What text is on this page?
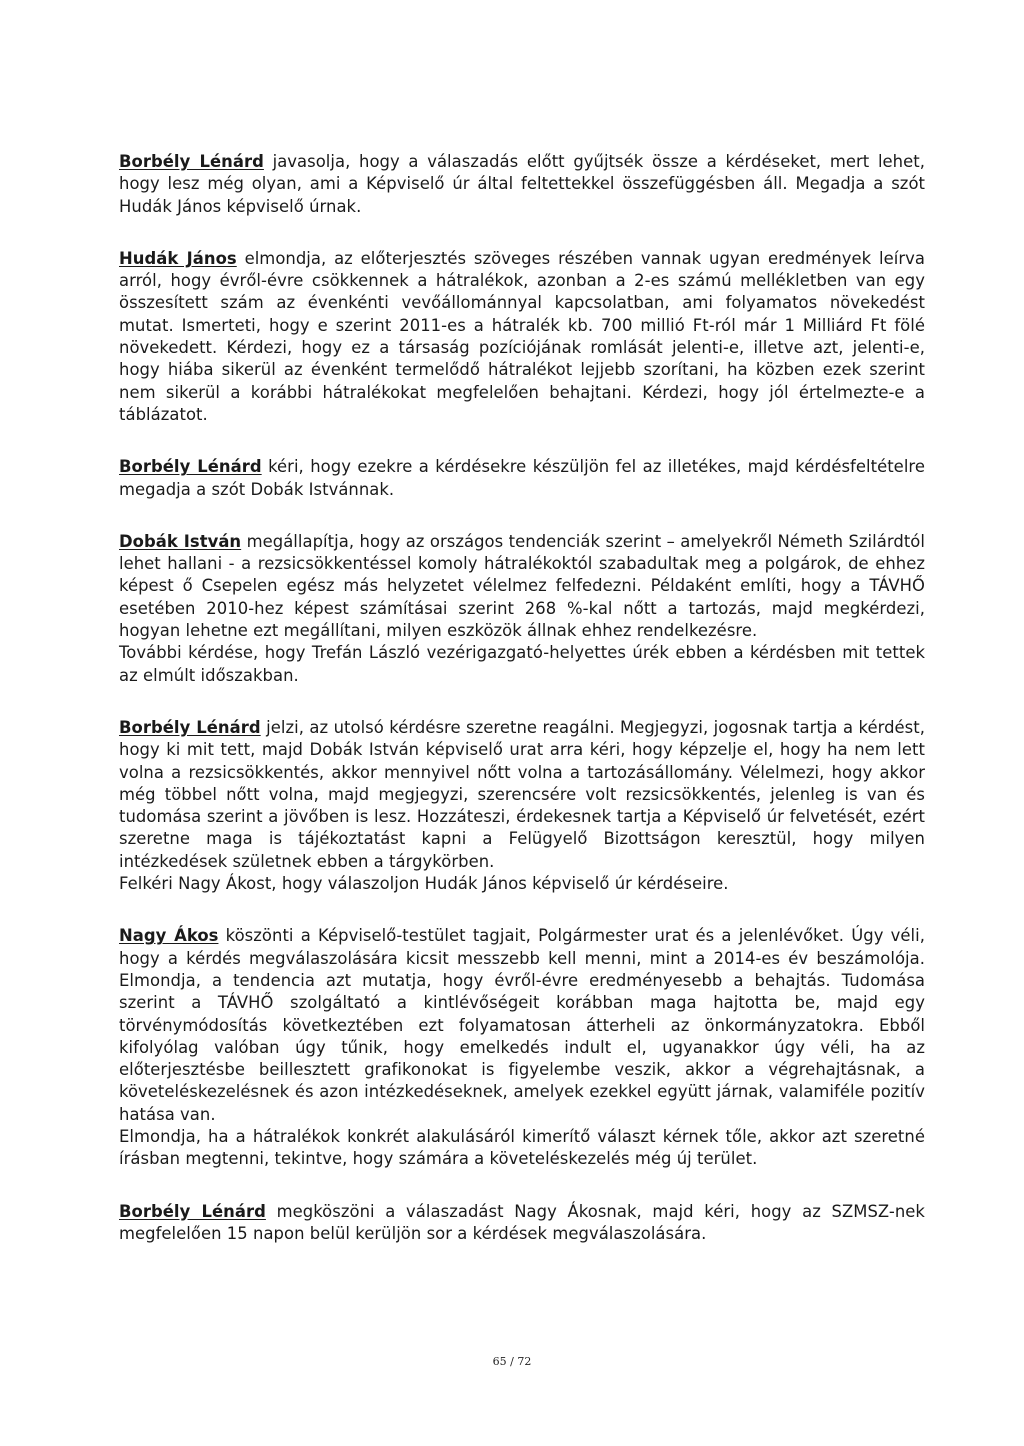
Borbély Lénárd javasolja, hogy a válaszadás előtt gyűjtsék össze a kérdéseket, mert lehet, hogy lesz még olyan, ami a Képviselő úr által feltettekkel összefüggésben áll. Megadja a szót Hudák János képviselő úrnak.

Hudák János elmondja, az előterjesztés szöveges részében vannak ugyan eredmények leírva arról, hogy évről-évre csökkennek a hátralékok, azonban a 2-es számú mellékletben van egy összesített szám az évenkénti vevőállománnyal kapcsolatban, ami folyamatos növekedést mutat. Ismerteti, hogy e szerint 2011-es a hátralék kb. 700 millió Ft-ról már 1 Milliárd Ft fölé növekedett. Kérdezi, hogy ez a társaság pozíciójának romlását jelenti-e, illetve azt, jelenti-e, hogy hiába sikerül az évenként termelődő hátralékot lejjebb szorítani, ha közben ezek szerint nem sikerül a korábbi hátralékokat megfelelően behajtani. Kérdezi, hogy jól értelmezte-e a táblázatot.

Borbély Lénárd kéri, hogy ezekre a kérdésekre készüljön fel az illetékes, majd kérdésfeltételre megadja a szót Dobák Istvánnak.

Dobák István megállapítja, hogy az országos tendenciák szerint – amelyekről Németh Szilárdtól lehet hallani - a rezsicsökkentéssel komoly hátralékoktól szabadultak meg a polgárok, de ehhez képest ő Csepelen egész más helyzetet vélelmez felfedezni. Példaként említi, hogy a TÁVHŐ esetében 2010-hez képest számításai szerint 268 %-kal nőtt a tartozás, majd megkérdezi, hogyan lehetne ezt megállítani, milyen eszközök állnak ehhez rendelkezésre.

További kérdése, hogy Trefán László vezérigazgató-helyettes úrék ebben a kérdésben mit tettek az elmúlt időszakban.

Borbély Lénárd jelzi, az utolsó kérdésre szeretne reagálni. Megjegyzi, jogosnak tartja a kérdést, hogy ki mit tett, majd Dobák István képviselő urat arra kéri, hogy képzelje el, hogy ha nem lett volna a rezsicsökkentés, akkor mennyivel nőtt volna a tartozásállomány. Vélelmezi, hogy akkor még többel nőtt volna, majd megjegyzi, szerencsére volt rezsicsökkentés, jelenleg is van és tudomása szerint a jövőben is lesz. Hozzáteszi, érdekesnek tartja a Képviselő úr felvetését, ezért szeretne maga is tájékoztatást kapni a Felügyelő Bizottságon keresztül, hogy milyen intézkedések születnek ebben a tárgykörben.

Felkéri Nagy Ákost, hogy válaszoljon Hudák János képviselő úr kérdéseire.

Nagy Ákos köszönti a Képviselő-testület tagjait, Polgármester urat és a jelenlévőket. Úgy véli, hogy a kérdés megválaszolására kicsit messzebb kell menni, mint a 2014-es év beszámolója. Elmondja, a tendencia azt mutatja, hogy évről-évre eredményesebb a behajtás. Tudomása szerint a TÁVHŐ szolgáltató a kintlévőségeit korábban maga hajtotta be, majd egy törvénymódosítás következtében ezt folyamatosan átterheli az önkormányzatokra. Ebből kifolyólag valóban úgy tűnik, hogy emelkedés indult el, ugyanakkor úgy véli, ha az előterjesztésbe beillesztett grafikonokat is figyelembe veszik, akkor a végrehajtásnak, a követeléskezelésnek és azon intézkedéseknek, amelyek ezekkel együtt járnak, valamiféle pozitív hatása van.

Elmondja, ha a hátralékok konkrét alakulásáról kimerítő választ kérnek tőle, akkor azt szeretné írásban megtenni, tekintve, hogy számára a követeléskezelés még új terület.

Borbély Lénárd megköszöni a válaszadást Nagy Ákosnak, majd kéri, hogy az SZMSZ-nek megfelelően 15 napon belül kerüljön sor a kérdések megválaszolására.

65 / 72
